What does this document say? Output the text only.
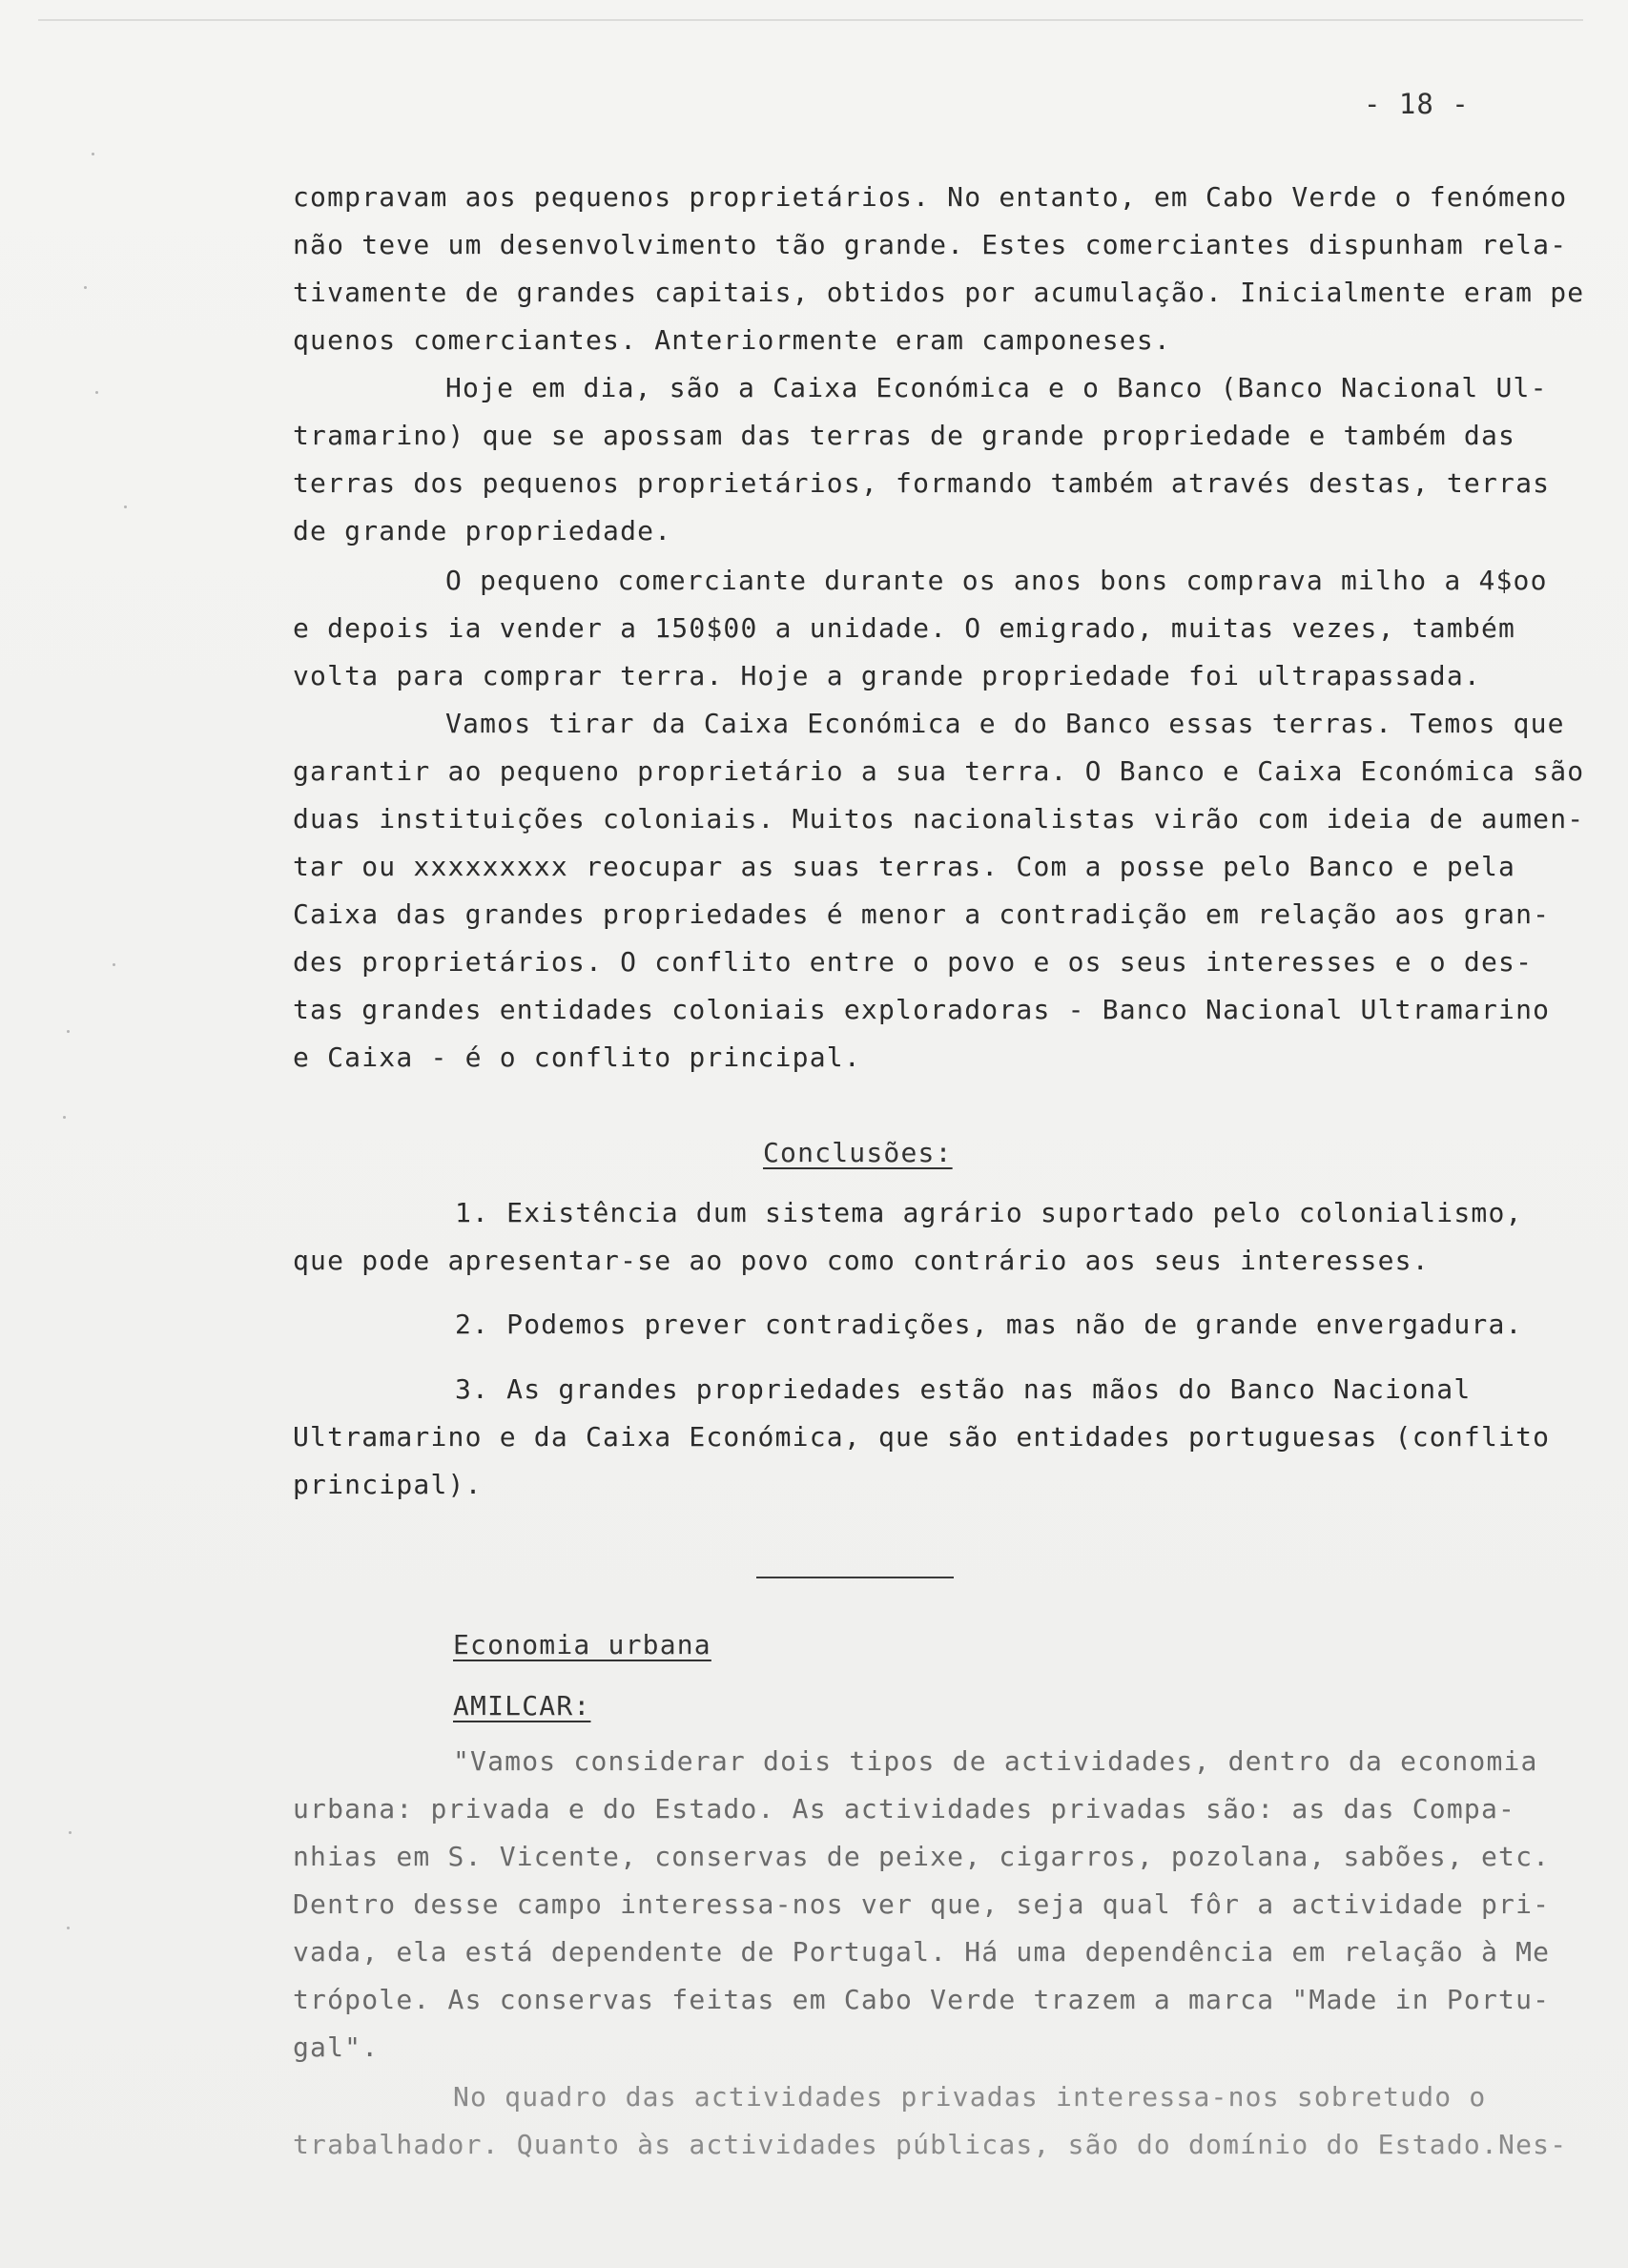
- 18 -
compravam aos pequenos proprietários. No entanto, em Cabo Verde o fenómeno
não teve um desenvolvimento tão grande. Estes comerciantes dispunham rela-
tivamente de grandes capitais, obtidos por acumulação. Inicialmente eram pe
quenos comerciantes. Anteriormente eram camponeses.
Hoje em dia, são a Caixa Económica e o Banco (Banco Nacional Ul-
tramarino) que se apossam das terras de grande propriedade e também das
terras dos pequenos proprietários, formando também através destas, terras
de grande propriedade.
O pequeno comerciante durante os anos bons comprava milho a 4$oo
e depois ia vender a 150$00 a unidade. O emigrado, muitas vezes, também
volta para comprar terra. Hoje a grande propriedade foi ultrapassada.
Vamos tirar da Caixa Económica e do Banco essas terras. Temos que
garantir ao pequeno proprietário a sua terra. O Banco e Caixa Económica são
duas instituições coloniais. Muitos nacionalistas virão com ideia de aumen-
tar ou xxxxxxxxx reocupar as suas terras. Com a posse pelo Banco e pela
Caixa das grandes propriedades é menor a contradição em relação aos gran-
des proprietários. O conflito entre o povo e os seus interesses e o des-
tas grandes entidades coloniais exploradoras - Banco Nacional Ultramarino
e Caixa - é o conflito principal.
Conclusões:
1. Existência dum sistema agrário suportado pelo colonialismo,
que pode apresentar-se ao povo como contrário aos seus interesses.
2. Podemos prever contradições, mas não de grande envergadura.
3. As grandes propriedades estão nas mãos do Banco Nacional
Ultramarino e da Caixa Económica, que são entidades portuguesas (conflito
principal).
Economia urbana
AMILCAR:
"Vamos considerar dois tipos de actividades, dentro da economia
urbana: privada e do Estado. As actividades privadas são: as das Compa-
nhias em S. Vicente, conservas de peixe, cigarros, pozolana, sabões, etc.
Dentro desse campo interessa-nos ver que, seja qual fôr a actividade pri-
vada, ela está dependente de Portugal. Há uma dependência em relação à Me
trópole. As conservas feitas em Cabo Verde trazem a marca "Made in Portu-
gal".
No quadro das actividades privadas interessa-nos sobretudo o
trabalhador. Quanto às actividades públicas, são do domínio do Estado.Nes-
